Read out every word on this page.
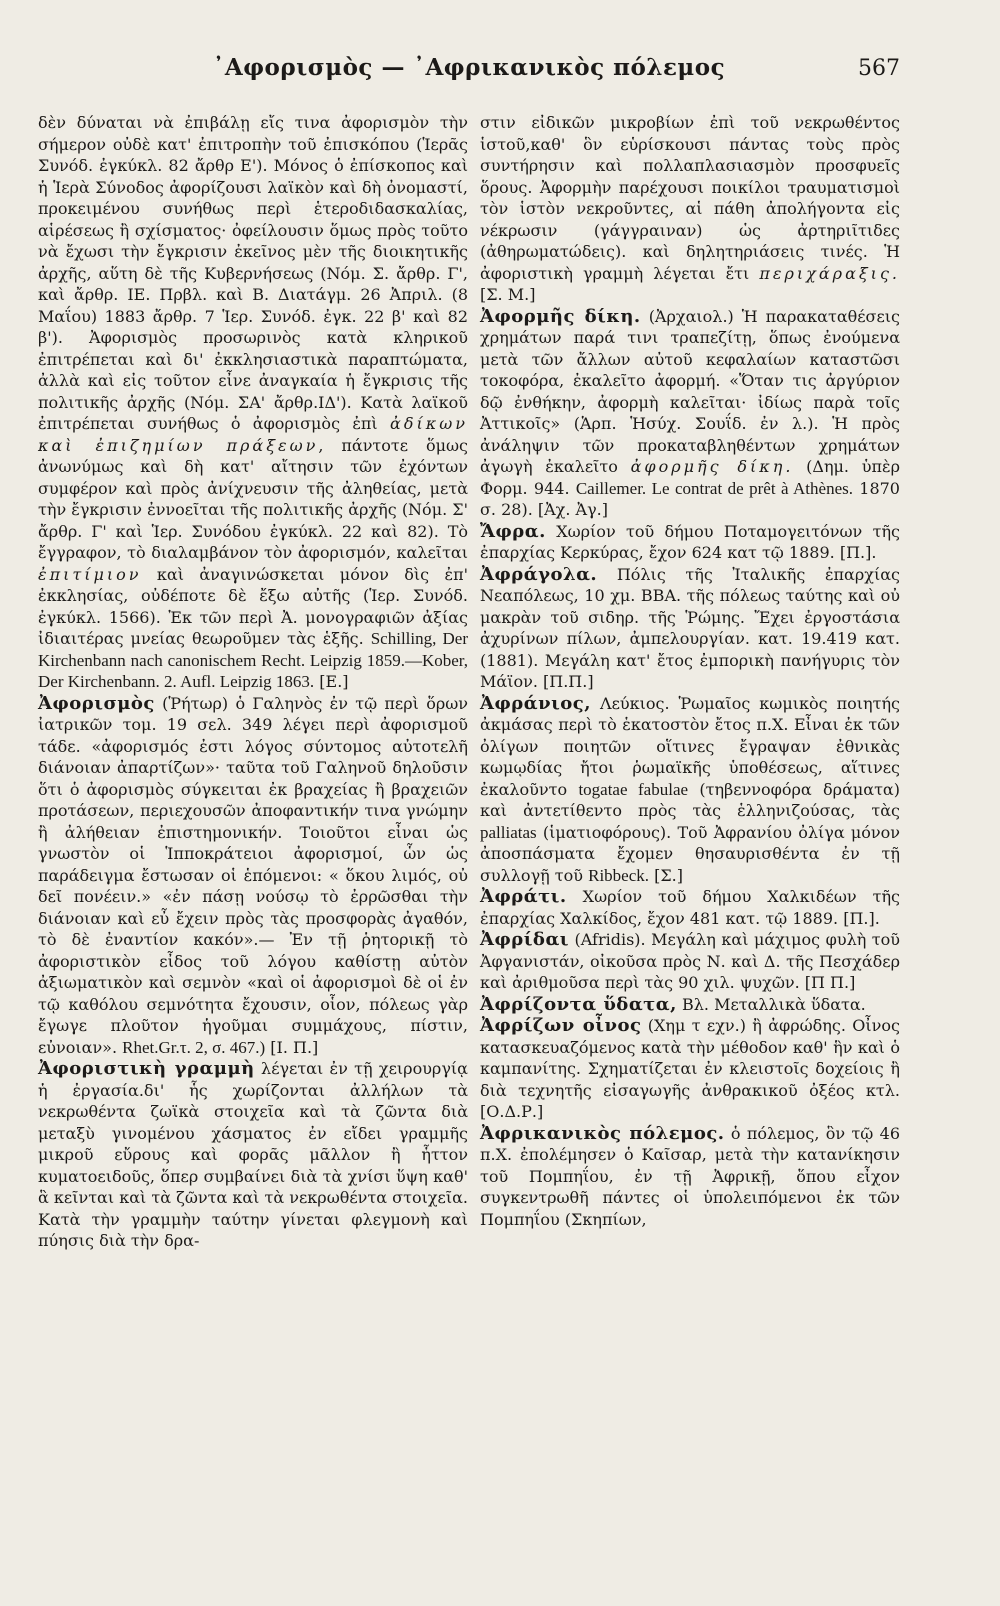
᾿Αφορισμὸς — ᾿Αφρικανικὸς πόλεμος	567

δὲν δύναται νὰ ἐπιβάλῃ εἴς τινα ἀφορισμὸν τὴν σήμερον οὐδὲ κατ' ἐπιτροπὴν τοῦ ἐπισκόπου (Ἱερᾶς Συνόδ. ἐγκύκλ. 82 ἄρθρ Ε'). Μόνος ὁ ἐπίσκοπος καὶ ἡ Ἱερὰ Σύνοδος ἀφορίζουσι λαϊκὸν καὶ δὴ ὀνομαστί, προκειμένου συνήθως περὶ ἑτεροδιδασκαλίας, αἱρέσεως ἢ σχίσματος· ὀφείλουσιν ὅμως πρὸς τοῦτο νὰ ἔχωσι τὴν ἔγκρισιν ἐκεῖνος μὲν τῆς διοικητικῆς ἀρχῆς, αὕτη δὲ τῆς Κυβερνήσεως (Νόμ. Σ. ἄρθρ. Γ', καὶ ἄρθρ. ΙΕ. Πρβλ. καὶ Β. Διατάγμ. 26 Ἀπριλ. (8 Μαΐου) 1883 ἄρθρ. 7 Ἱερ. Συνόδ. ἐγκ. 22 β' καὶ 82 β'). Ἀφορισμὸς προσωρινὸς κατὰ κληρικοῦ ἐπιτρέπεται καὶ δι' ἐκκλησιαστικὰ παραπτώματα, ἀλλὰ καὶ εἰς τοῦτον εἶνε ἀναγκαία ἡ ἔγκρισις τῆς πολιτικῆς ἀρχῆς (Νόμ. ΣΑ' ἄρθρ.ΙΔ'). Κατὰ λαϊκοῦ ἐπιτρέπεται συνήθως ὁ ἀφορισμὸς ἐπὶ ἀδίκων καὶ ἐπιζημίων πράξεων, πάντοτε ὅμως ἀνωνύμως καὶ δὴ κατ' αἴτησιν τῶν ἐχόντων συμφέρον καὶ πρὸς ἀνίχνευσιν τῆς ἀληθείας, μετὰ τὴν ἔγκρισιν ἐννοεῖται τῆς πολιτικῆς ἀρχῆς (Νόμ. Σ' ἄρθρ. Γ' καὶ Ἱερ. Συνόδου ἐγκύκλ. 22 καὶ 82). Τὸ ἔγγραφον, τὸ διαλαμβάνον τὸν ἀφορισμόν, καλεῖται ἐπιτίμιον καὶ ἀναγινώσκεται μόνον δὶς ἐπ' ἐκκλησίας, οὐδέποτε δὲ ἔξω αὐτῆς (Ἱερ. Συνόδ. ἐγκύκλ. 1566). Ἐκ τῶν περὶ Ἀ. μονογραφιῶν ἀξίας ἰδιαιτέρας μνείας θεωροῦμεν τὰς ἑξῆς. Schilling, Der Kirchenbann nach canonischem Recht. Leipzig 1859.—Kober, Der Kirchenbann. 2. Aufl. Leipzig 1863. [Ε.]

Ἀφορισμὸς (Ῥήτωρ) ὁ Γαληνὸς ἐν τῷ περὶ ὅρων ἰατρικῶν τομ. 19 σελ. 349 λέγει περὶ ἀφορισμοῦ τάδε. «ἀφορισμός ἐστι λόγος σύντομος αὐτοτελῆ διάνοιαν ἀπαρτίζων»· ταῦτα τοῦ Γαληνοῦ δηλοῦσιν ὅτι ὁ ἀφορισμὸς σύγκειται ἐκ βραχείας ἢ βραχειῶν προτάσεων, περιεχουσῶν ἀποφαντικήν τινα γνώμην ἢ ἀλήθειαν ἐπιστημονικήν. Τοιοῦτοι εἶναι ὡς γνωστὸν οἱ Ἱπποκράτειοι ἀφορισμοί, ὧν ὡς παράδειγμα ἔστωσαν οἱ ἑπόμενοι: « ὅκου λιμός, οὐ δεῖ πονέειν.» «ἐν πάσῃ νούσῳ τὸ ἐρρῶσθαι τὴν διάνοιαν καὶ εὖ ἔχειν πρὸς τὰς προσφορὰς ἀγαθόν, τὸ δὲ ἐναντίον κακόν».— Ἐν τῇ ῥητορικῇ τὸ ἀφοριστικὸν εἶδος τοῦ λόγου καθίστῃ αὐτὸν ἀξιωματικὸν καὶ σεμνὸν «καὶ οἱ ἀφορισμοὶ δὲ οἱ ἐν τῷ καθόλου σεμνότητα ἔχουσιν, οἷον, πόλεως γὰρ ἔγωγε πλοῦτον ἡγοῦμαι συμμάχους, πίστιν, εὐνοιαν». Rhet.Gr.τ. 2, σ. 467.) [Ι. Π.]

Ἀφοριστικὴ γραμμὴ λέγεται ἐν τῇ χειρουργίᾳ ἡ ἐργασία.δι' ἧς χωρίζονται ἀλλήλων τὰ νεκρωθέντα ζωϊκὰ στοιχεῖα καὶ τὰ ζῶντα διὰ μεταξὺ γινομένου χάσματος ἐν εἴδει γραμμῆς μικροῦ εὔρους καὶ φορᾶς μᾶλλον ἢ ἧττον κυματοειδοῦς, ὅπερ συμβαίνει διὰ τὰ χνίσι ὕψη καθ' ἃ κεῖνται καὶ τὰ ζῶντα καὶ τὰ νεκρωθέντα στοιχεῖα. Κατὰ τὴν γραμμὴν ταύτην γίνεται φλεγμονὴ καὶ πύησις διὰ τὴν δρα-

στιν εἰδικῶν μικροβίων ἐπὶ τοῦ νεκρωθέντος ἱστοῦ,καθ' ὃν εὑρίσκουσι πάντας τοὺς πρὸς συντήρησιν καὶ πολλαπλασιασμὸν προσφυεῖς ὅρους. Ἀφορμὴν παρέχουσι ποικίλοι τραυματισμοὶ τὸν ἱστὸν νεκροῦντες, αἱ πάθη ἀπολήγοντα εἰς νέκρωσιν (γάγγραιναν) ὡς ἀρτηριῖτιδες (ἀθηρωματώδεις). καὶ δηλητηριάσεις τινές. Ἡ ἀφοριστικὴ γραμμὴ λέγεται ἔτι περιχάραξις. [Σ. Μ.]

Ἀφορμῆς δίκη. (Ἀρχαιολ.) Ἡ παρακαταθέσεις χρημάτων παρά τινι τραπεζίτῃ, ὅπως ἐνούμενα μετὰ τῶν ἄλλων αὐτοῦ κεφαλαίων καταστῶσι τοκοφόρα, ἐκαλεῖτο ἀφορμή. «Ὅταν τις ἀργύριον δῷ ἐνθήκην, ἀφορμὴ καλεῖται· ἰδίως παρὰ τοῖς Ἀττικοῖς» (Ἁρπ. Ἡσύχ. Σουΐδ. ἐν λ.). Ἡ πρὸς ἀνάληψιν τῶν προκαταβληθέντων χρημάτων ἀγωγὴ ἐκαλεῖτο ἀφορμῆς δίκη. (Δημ. ὑπὲρ Φορμ. 944. Caillemer. Le contrat de prêt à Athènes. 1870 σ. 28). [Ἀχ. Ἀγ.]

Ἄφρα. Χωρίον τοῦ δήμου Ποταμογειτόνων τῆς ἐπαρχίας Κερκύρας, ἔχον 624 κατ τῷ 1889. [Π.].

Ἀφράγολα. Πόλις τῆς Ἰταλικῆς ἐπαρχίας Νεαπόλεως, 10 χμ. ΒΒΑ. τῆς πόλεως ταύτης καὶ οὐ μακρὰν τοῦ σιδηρ. τῆς Ῥώμης. Ἔχει ἐργοστάσια ἀχυρίνων πίλων, ἀμπελουργίαν. κατ. 19.419 κατ. (1881). Μεγάλη κατ' ἔτος ἐμπορικὴ πανήγυρις τὸν Μάϊον. [Π.Π.]

Ἀφράνιος, Λεύκιος. Ῥωμαῖος κωμικὸς ποιητής ἀκμάσας περὶ τὸ ἑκατοστὸν ἔτος π.Χ. Εἶναι ἐκ τῶν ὀλίγων ποιητῶν οἵτινες ἔγραψαν ἐθνικὰς κωμῳδίας ἤτοι ῥωμαϊκῆς ὑποθέσεως, αἵτινες ἐκαλοῦντο togatae fabulae (τηβεννοφόρα δράματα) καὶ ἀντετίθεντο πρὸς τὰς ἑλληνιζούσας, τὰς palliatas (ἱματιοφόρους). Τοῦ Ἀφρανίου ὀλίγα μόνον ἀποσπάσματα ἔχομεν θησαυρισθέντα ἐν τῇ συλλογῇ τοῦ Ribbeck. [Σ.]

Ἀφράτι. Χωρίον τοῦ δήμου Χαλκιδέων τῆς ἐπαρχίας Χαλκίδος, ἔχον 481 κατ. τῷ 1889. [Π.].

Ἀφρίδαι (Afridis). Μεγάλη καὶ μάχιμος φυλὴ τοῦ Ἀφγανιστάν, οἰκοῦσα πρὸς Ν. καὶ Δ. τῆς Πεσχάδερ καὶ ἀριθμοῦσα περὶ τὰς 90 χιλ. ψυχῶν. [Π Π.]

Ἀφρίζοντα ὕδατα, Βλ. Μεταλλικὰ ὕδατα.

Ἀφρίζων οἶνος (Χημ τ εχν.) ἢ ἀφρώδης. Οἶνος κατασκευαζόμενος κατὰ τὴν μέθοδον καθ' ἣν καὶ ὁ καμπανίτης. Σχηματίζεται ἐν κλειστοῖς δοχείοις ἢ διὰ τεχνητῆς εἰσαγωγῆς ἀνθρακικοῦ ὀξέος κτλ.[Ο.Δ.Ρ.]

Ἀφρικανικὸς πόλεμος. ὁ πόλεμος, ὃν τῷ 46 π.Χ. ἐπολέμησεν ὁ Καῖσαρ, μετὰ τὴν κατανίκησιν τοῦ Πομπηΐου, ἐν τῇ Ἀφρικῇ, ὅπου εἶχον συγκεντρωθῆ πάντες οἱ ὑπολειπόμενοι ἐκ τῶν Πομπηΐου (Σκηπίων,
